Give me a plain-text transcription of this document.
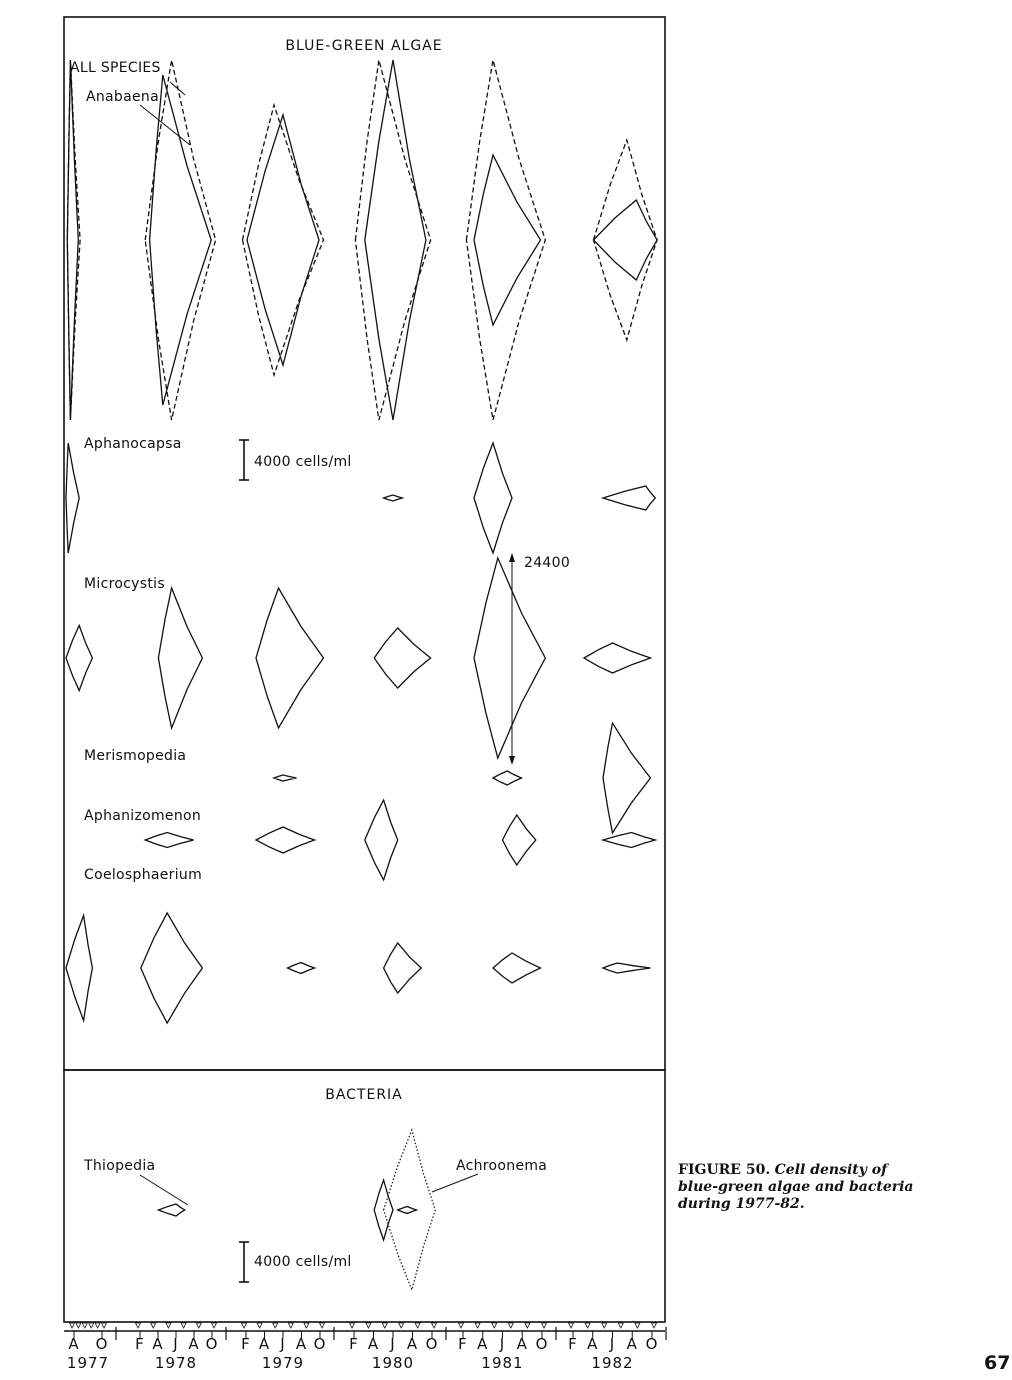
BLUE-GREEN ALGAE
BACTERIA
ALL SPECIES
Anabaena
Aphanocapsa
Microcystis
Merismopedia
Aphanizomenon
Coelosphaerium
Thiopedia	Achroonema
4000 cells/ml
4000 cells/ml
24400
A O
1977
F A J A O
1978
F A J A O
1979
F A J A O
1980
F A J A O
1981
F A J A O
1982
FIGURE 50. Cell density of blue-green algae and bacteria during 1977-82.
67
